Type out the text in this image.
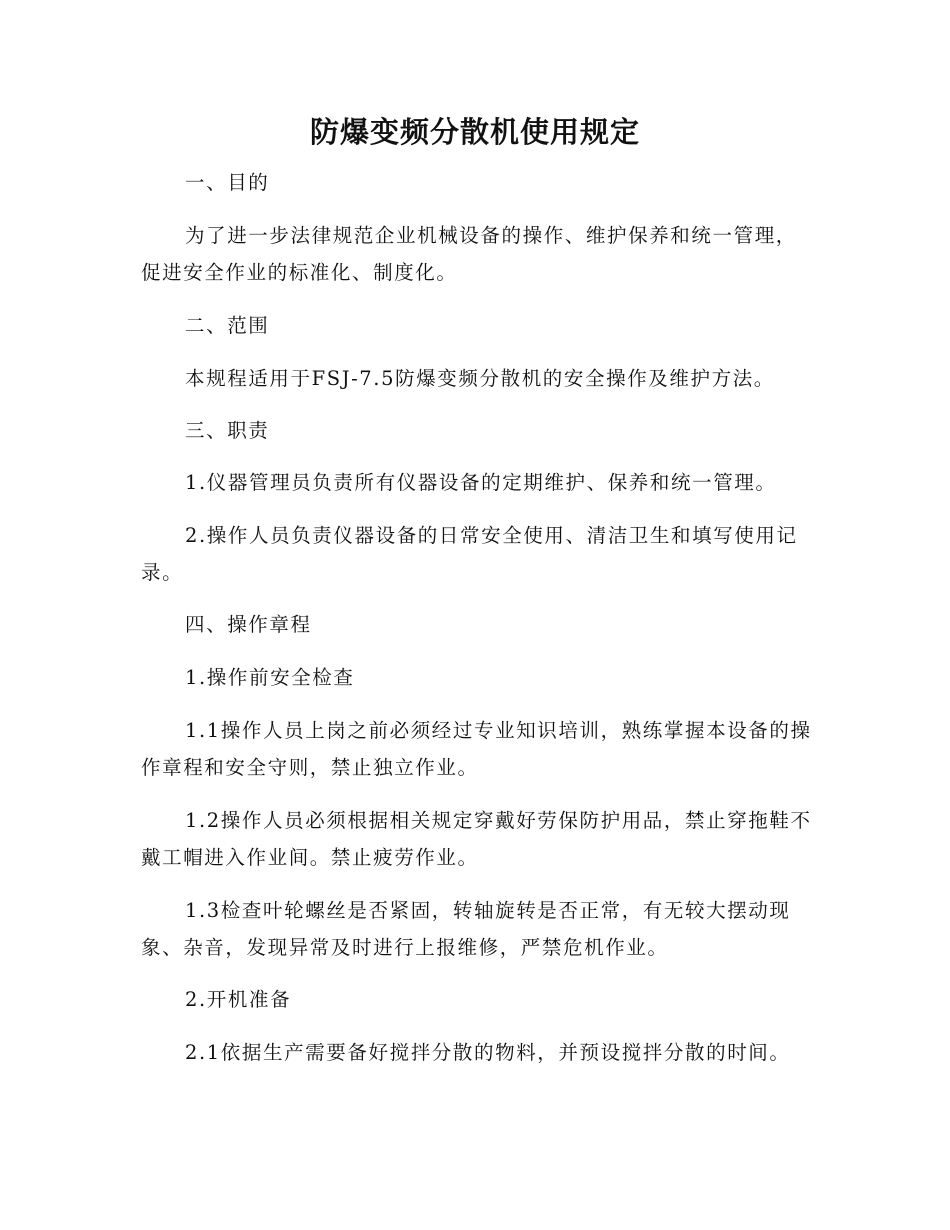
防爆变频分散机使用规定

一、目的

为了进一步法律规范企业机械设备的操作、维护保养和统一管理，促进安全作业的标准化、制度化。

二、范围

本规程适用于FSJ-7.5防爆变频分散机的安全操作及维护方法。

三、职责

1.仪器管理员负责所有仪器设备的定期维护、保养和统一管理。

2.操作人员负责仪器设备的日常安全使用、清洁卫生和填写使用记录。

四、操作章程

1.操作前安全检查

1.1操作人员上岗之前必须经过专业知识培训，熟练掌握本设备的操作章程和安全守则，禁止独立作业。

1.2操作人员必须根据相关规定穿戴好劳保防护用品，禁止穿拖鞋不戴工帽进入作业间。禁止疲劳作业。

1.3检查叶轮螺丝是否紧固，转轴旋转是否正常，有无较大摆动现象、杂音，发现异常及时进行上报维修，严禁危机作业。

2.开机准备

2.1依据生产需要备好搅拌分散的物料，并预设搅拌分散的时间。
